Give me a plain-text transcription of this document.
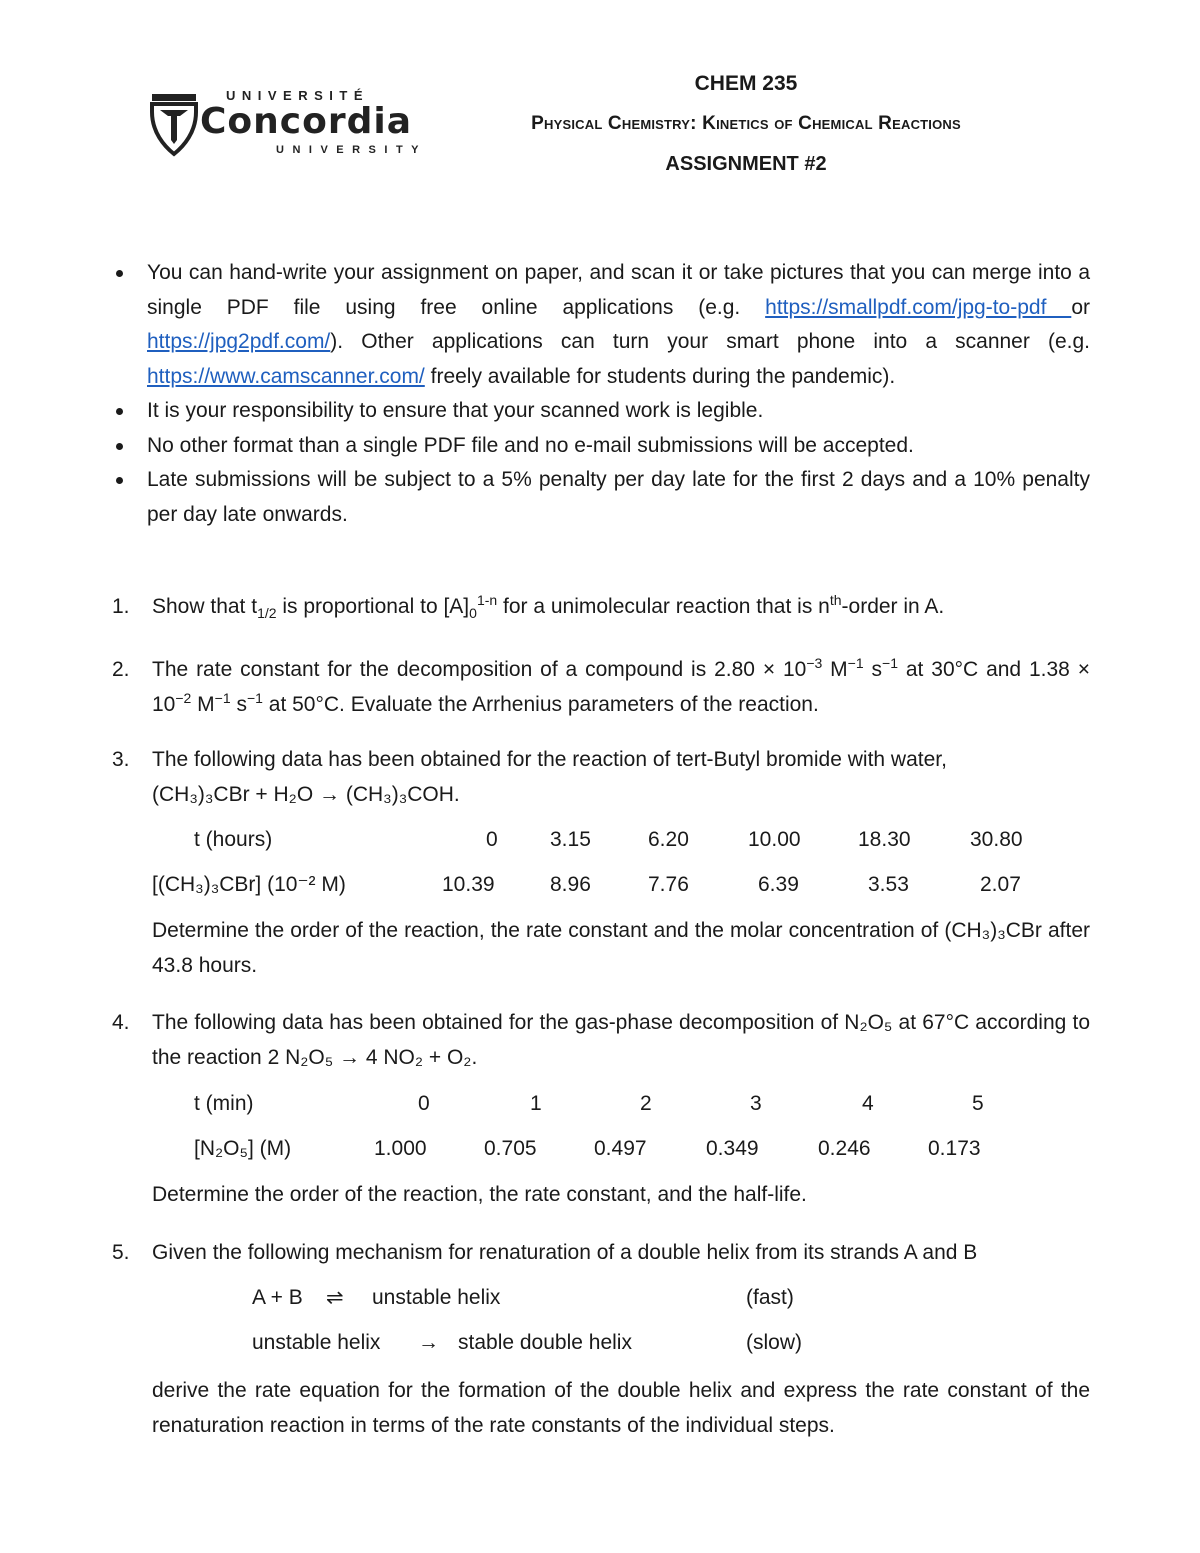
UNIVERSITÉ
Concordia
UNIVERSITY
CHEM 235
Physical Chemistry: Kinetics of Chemical Reactions
ASSIGNMENT #2
You can hand-write your assignment on paper, and scan it or take pictures that you can merge into a single PDF file using free online applications (e.g. https://smallpdf.com/jpg-to-pdf or https://jpg2pdf.com/). Other applications can turn your smart phone into a scanner (e.g. https://www.camscanner.com/ freely available for students during the pandemic).
It is your responsibility to ensure that your scanned work is legible.
No other format than a single PDF file and no e-mail submissions will be accepted.
Late submissions will be subject to a 5% penalty per day late for the first 2 days and a 10% penalty per day late onwards.
1. Show that $t_{1/2}$ is proportional to $[A]_0^{1-n}$ for a unimolecular reaction that is $n^{th}$-order in A.
2. The rate constant for the decomposition of a compound is $2.80 \times 10^{-3}$ $M^{-1}$ $s^{-1}$ at 30°C and $1.38 \times 10^{-2}$ $M^{-1}$ $s^{-1}$ at 50°C. Evaluate the Arrhenius parameters of the reaction.
3. The following data has been obtained for the reaction of tert-Butyl bromide with water,
(CH₃)₃CBr + H₂O → (CH₃)₃COH.
t (hours)	0 3.15	6.20	10.00	18.30	30.80
[(CH₃)₃CBr] (10⁻² M)	10.39	8.96	7.76	6.39	3.53	2.07
Determine the order of the reaction, the rate constant and the molar concentration of (CH₃)₃CBr after 43.8 hours.
4. The following data has been obtained for the gas-phase decomposition of N₂O₅ at 67°C according to the reaction 2 N₂O₅ → 4 NO₂ + O₂.
t (min)	0	1	2	3	4	5
[N₂O₅] (M)	1.000	0.705	0.497	0.349	0.246	0.173
Determine the order of the reaction, the rate constant, and the half-life.
5. Given the following mechanism for renaturation of a double helix from its strands A and B
A + B ⇌ unstable helix	(fast)
unstable helix → stable double helix	(slow)
derive the rate equation for the formation of the double helix and express the rate constant of the renaturation reaction in terms of the rate constants of the individual steps.
